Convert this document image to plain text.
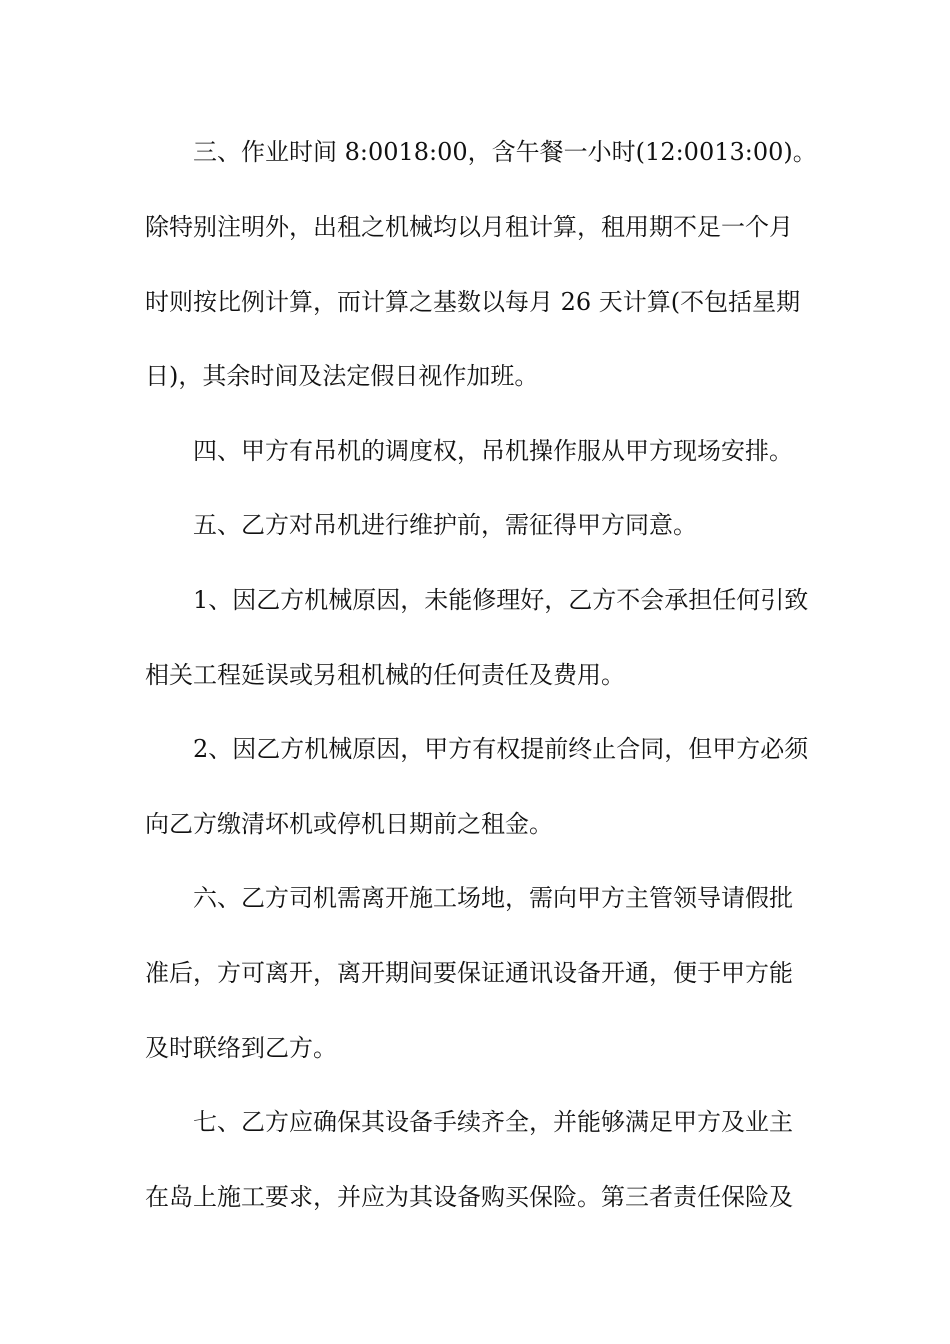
三、作业时间 8:0018:00，含午餐一小时(12:0013:00)。
除特别注明外，出租之机械均以月租计算，租用期不足一个月
时则按比例计算，而计算之基数以每月 26 天计算(不包括星期
日)，其余时间及法定假日视作加班。
四、甲方有吊机的调度权，吊机操作服从甲方现场安排。
五、乙方对吊机进行维护前，需征得甲方同意。
1、因乙方机械原因，未能修理好，乙方不会承担任何引致
相关工程延误或另租机械的任何责任及费用。
2、因乙方机械原因，甲方有权提前终止合同，但甲方必须
向乙方缴清坏机或停机日期前之租金。
六、乙方司机需离开施工场地，需向甲方主管领导请假批
准后，方可离开，离开期间要保证通讯设备开通，便于甲方能
及时联络到乙方。
七、乙方应确保其设备手续齐全，并能够满足甲方及业主
在岛上施工要求，并应为其设备购买保险。第三者责任保险及
